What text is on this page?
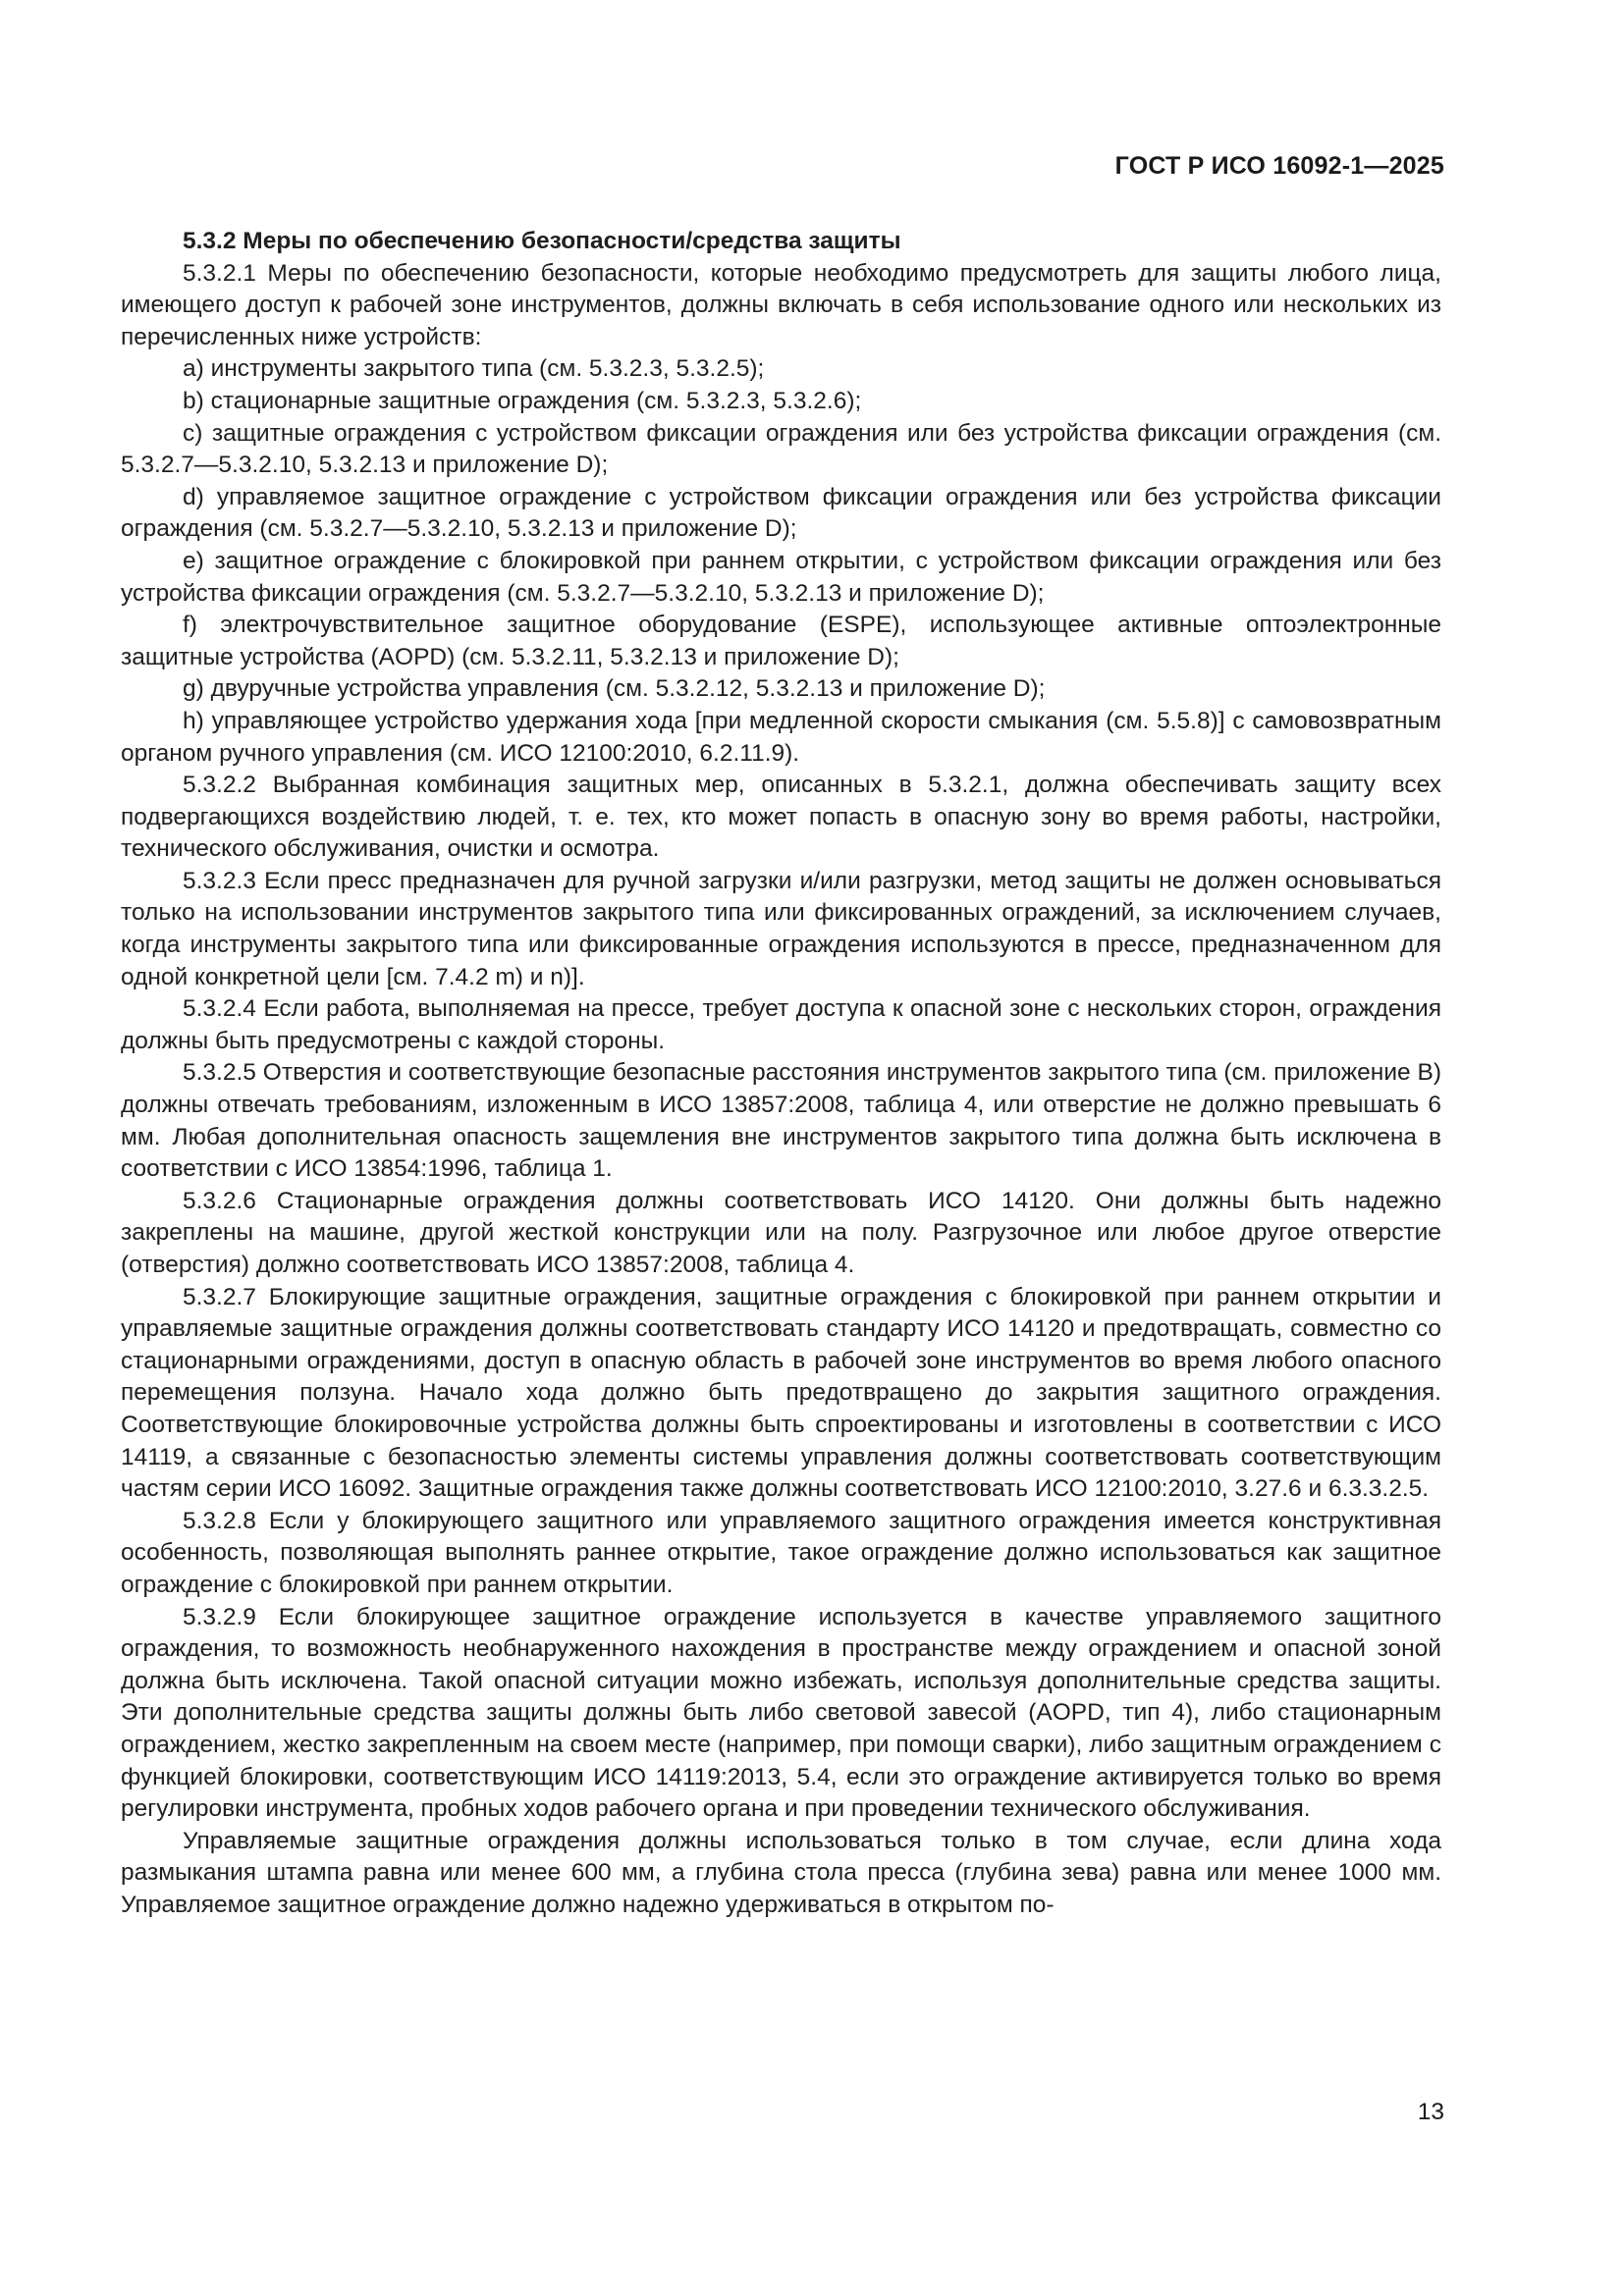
ГОСТ Р ИСО 16092-1—2025

5.3.2 Меры по обеспечению безопасности/средства защиты

5.3.2.1 Меры по обеспечению безопасности, которые необходимо предусмотреть для защиты любого лица, имеющего доступ к рабочей зоне инструментов, должны включать в себя использование одного или нескольких из перечисленных ниже устройств:

a) инструменты закрытого типа (см. 5.3.2.3, 5.3.2.5);

b) стационарные защитные ограждения (см. 5.3.2.3, 5.3.2.6);

c) защитные ограждения с устройством фиксации ограждения или без устройства фиксации ограждения (см. 5.3.2.7—5.3.2.10, 5.3.2.13 и приложение D);

d) управляемое защитное ограждение с устройством фиксации ограждения или без устройства фиксации ограждения (см. 5.3.2.7—5.3.2.10, 5.3.2.13 и приложение D);

e) защитное ограждение с блокировкой при раннем открытии, с устройством фиксации ограждения или без устройства фиксации ограждения (см. 5.3.2.7—5.3.2.10, 5.3.2.13 и приложение D);

f) электрочувствительное защитное оборудование (ESPE), использующее активные оптоэлектронные защитные устройства (AOPD) (см. 5.3.2.11, 5.3.2.13 и приложение D);

g) двуручные устройства управления (см. 5.3.2.12, 5.3.2.13 и приложение D);

h) управляющее устройство удержания хода [при медленной скорости смыкания (см. 5.5.8)] с самовозвратным органом ручного управления (см. ИСО 12100:2010, 6.2.11.9).

5.3.2.2 Выбранная комбинация защитных мер, описанных в 5.3.2.1, должна обеспечивать защиту всех подвергающихся воздействию людей, т. е. тех, кто может попасть в опасную зону во время работы, настройки, технического обслуживания, очистки и осмотра.

5.3.2.3 Если пресс предназначен для ручной загрузки и/или разгрузки, метод защиты не должен основываться только на использовании инструментов закрытого типа или фиксированных ограждений, за исключением случаев, когда инструменты закрытого типа или фиксированные ограждения используются в прессе, предназначенном для одной конкретной цели [см. 7.4.2 m) и n)].

5.3.2.4 Если работа, выполняемая на прессе, требует доступа к опасной зоне с нескольких сторон, ограждения должны быть предусмотрены с каждой стороны.

5.3.2.5 Отверстия и соответствующие безопасные расстояния инструментов закрытого типа (см. приложение B) должны отвечать требованиям, изложенным в ИСО 13857:2008, таблица 4, или отверстие не должно превышать 6 мм. Любая дополнительная опасность защемления вне инструментов закрытого типа должна быть исключена в соответствии с ИСО 13854:1996, таблица 1.

5.3.2.6 Стационарные ограждения должны соответствовать ИСО 14120. Они должны быть надежно закреплены на машине, другой жесткой конструкции или на полу. Разгрузочное или любое другое отверстие (отверстия) должно соответствовать ИСО 13857:2008, таблица 4.

5.3.2.7 Блокирующие защитные ограждения, защитные ограждения с блокировкой при раннем открытии и управляемые защитные ограждения должны соответствовать стандарту ИСО 14120 и предотвращать, совместно со стационарными ограждениями, доступ в опасную область в рабочей зоне инструментов во время любого опасного перемещения ползуна. Начало хода должно быть предотвращено до закрытия защитного ограждения. Соответствующие блокировочные устройства должны быть спроектированы и изготовлены в соответствии с ИСО 14119, а связанные с безопасностью элементы системы управления должны соответствовать соответствующим частям серии ИСО 16092. Защитные ограждения также должны соответствовать ИСО 12100:2010, 3.27.6 и 6.3.3.2.5.

5.3.2.8 Если у блокирующего защитного или управляемого защитного ограждения имеется конструктивная особенность, позволяющая выполнять раннее открытие, такое ограждение должно использоваться как защитное ограждение с блокировкой при раннем открытии.

5.3.2.9 Если блокирующее защитное ограждение используется в качестве управляемого защитного ограждения, то возможность необнаруженного нахождения в пространстве между ограждением и опасной зоной должна быть исключена. Такой опасной ситуации можно избежать, используя дополнительные средства защиты. Эти дополнительные средства защиты должны быть либо световой завесой (AOPD, тип 4), либо стационарным ограждением, жестко закрепленным на своем месте (например, при помощи сварки), либо защитным ограждением с функцией блокировки, соответствующим ИСО 14119:2013, 5.4, если это ограждение активируется только во время регулировки инструмента, пробных ходов рабочего органа и при проведении технического обслуживания.

Управляемые защитные ограждения должны использоваться только в том случае, если длина хода размыкания штампа равна или менее 600 мм, а глубина стола пресса (глубина зева) равна или менее 1000 мм. Управляемое защитное ограждение должно надежно удерживаться в открытом по-

13
